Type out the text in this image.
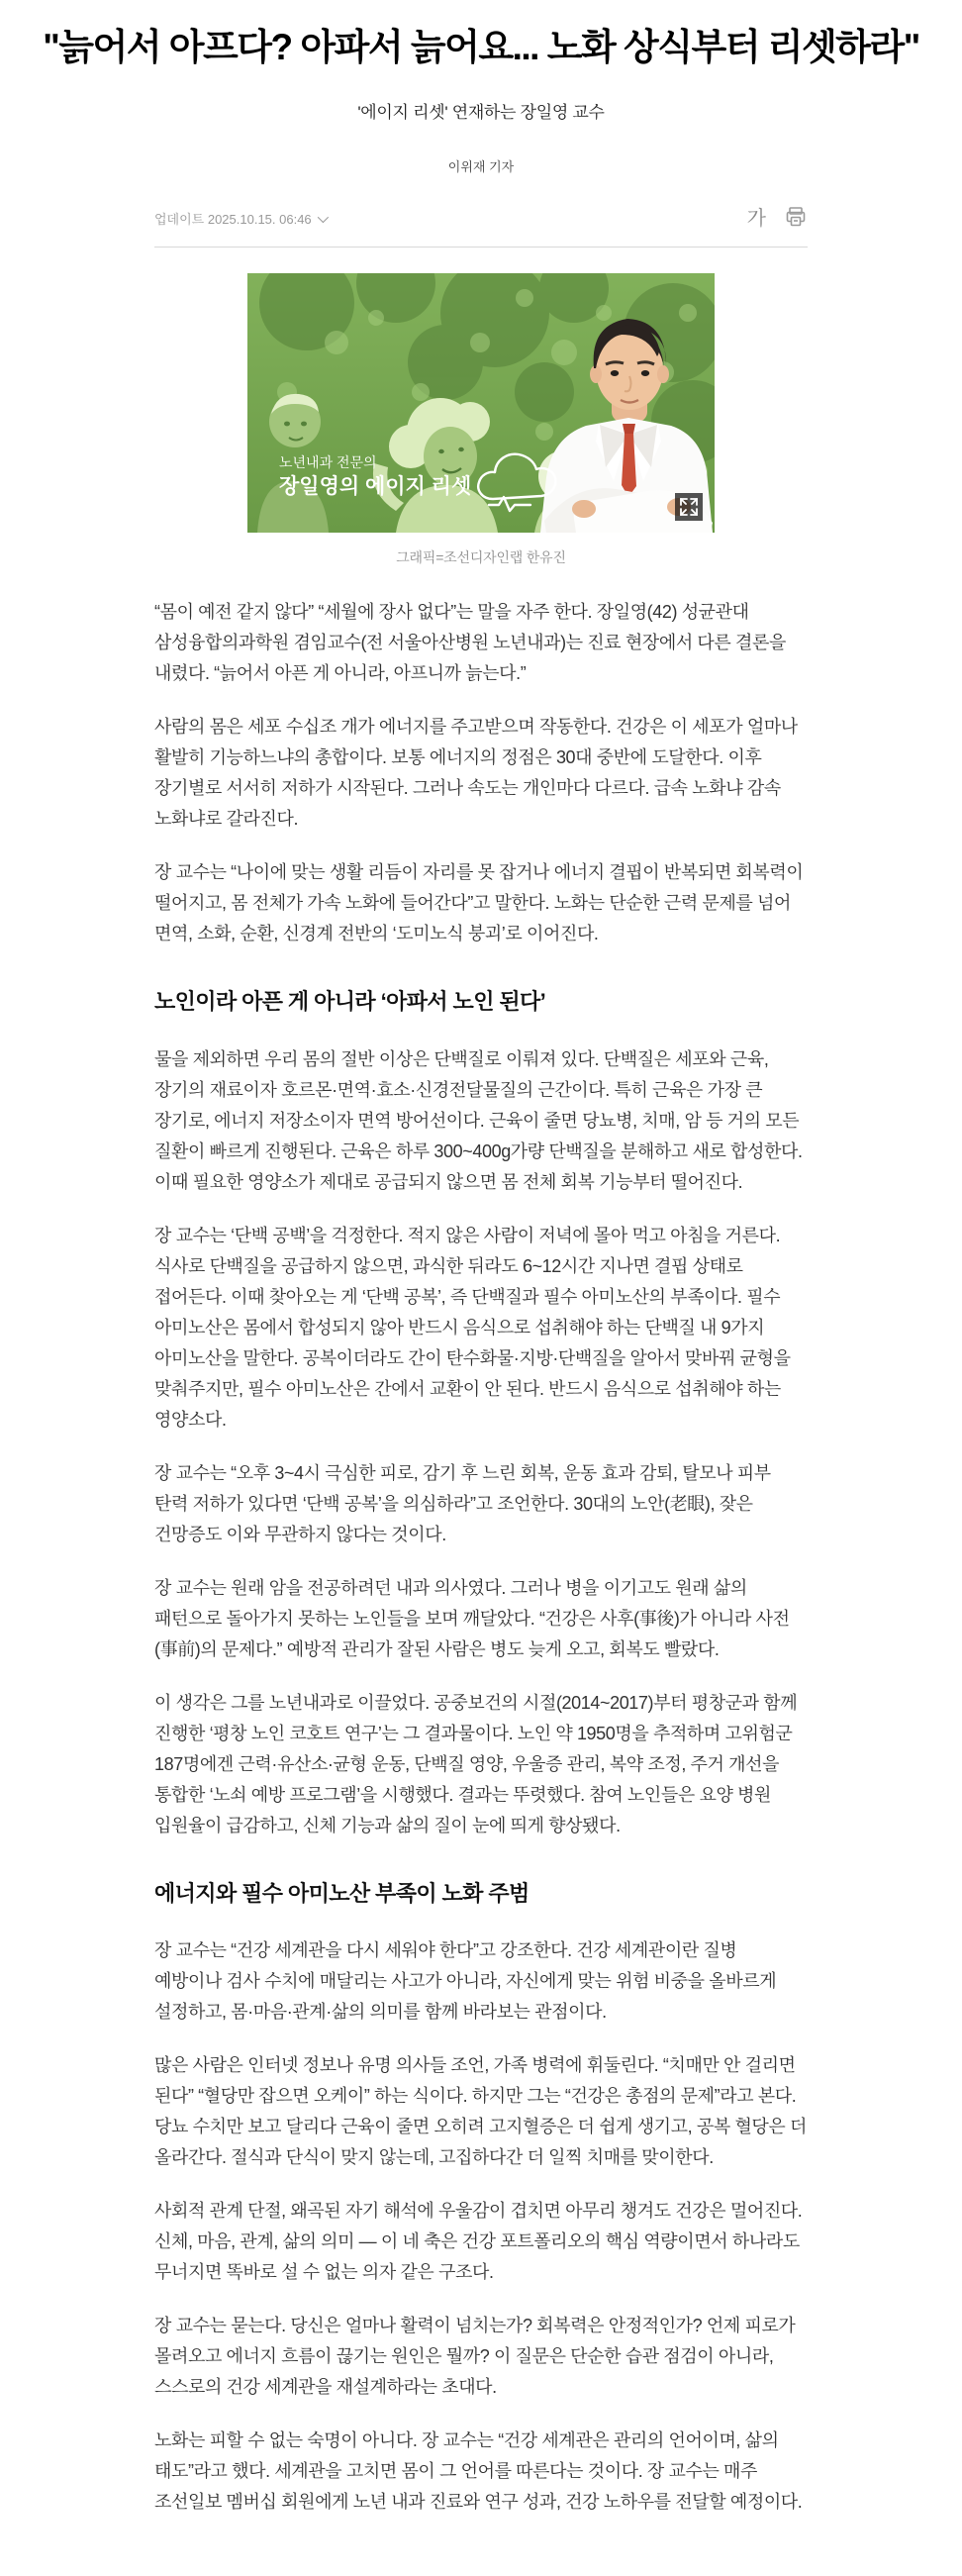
"늙어서 아프다? 아파서 늙어요... 노화 상식부터 리셋하라"

'에이지 리셋' 연재하는 장일영 교수

이위재 기자

업데이트 2025.10.15. 06:46	가
노년내과 전문의
장일영의 에이지 리셋

그래픽=조선디자인랩 한유진

“몸이 예전 같지 않다” “세월에 장사 없다”는 말을 자주 한다. 장일영(42) 성균관대 삼성융합의과학원 겸임교수(전 서울아산병원 노년내과)는 진료 현장에서 다른 결론을 내렸다. “늙어서 아픈 게 아니라, 아프니까 늙는다.”

사람의 몸은 세포 수십조 개가 에너지를 주고받으며 작동한다. 건강은 이 세포가 얼마나 활발히 기능하느냐의 총합이다. 보통 에너지의 정점은 30대 중반에 도달한다. 이후 장기별로 서서히 저하가 시작된다. 그러나 속도는 개인마다 다르다. 급속 노화냐 감속 노화냐로 갈라진다.

장 교수는 “나이에 맞는 생활 리듬이 자리를 못 잡거나 에너지 결핍이 반복되면 회복력이 떨어지고, 몸 전체가 가속 노화에 들어간다”고 말한다. 노화는 단순한 근력 문제를 넘어 면역, 소화, 순환, 신경계 전반의 ‘도미노식 붕괴’로 이어진다.

노인이라 아픈 게 아니라 ‘아파서 노인 된다’

물을 제외하면 우리 몸의 절반 이상은 단백질로 이뤄져 있다. 단백질은 세포와 근육, 장기의 재료이자 호르몬·면역·효소·신경전달물질의 근간이다. 특히 근육은 가장 큰 장기로, 에너지 저장소이자 면역 방어선이다. 근육이 줄면 당뇨병, 치매, 암 등 거의 모든 질환이 빠르게 진행된다. 근육은 하루 300~400g가량 단백질을 분해하고 새로 합성한다. 이때 필요한 영양소가 제대로 공급되지 않으면 몸 전체 회복 기능부터 떨어진다.

장 교수는 ‘단백 공백’을 걱정한다. 적지 않은 사람이 저녁에 몰아 먹고 아침을 거른다. 식사로 단백질을 공급하지 않으면, 과식한 뒤라도 6~12시간 지나면 결핍 상태로 접어든다. 이때 찾아오는 게 ‘단백 공복’, 즉 단백질과 필수 아미노산의 부족이다. 필수 아미노산은 몸에서 합성되지 않아 반드시 음식으로 섭취해야 하는 단백질 내 9가지 아미노산을 말한다. 공복이더라도 간이 탄수화물·지방·단백질을 알아서 맞바꿔 균형을 맞춰주지만, 필수 아미노산은 간에서 교환이 안 된다. 반드시 음식으로 섭취해야 하는 영양소다.

장 교수는 “오후 3~4시 극심한 피로, 감기 후 느린 회복, 운동 효과 감퇴, 탈모나 피부 탄력 저하가 있다면 ‘단백 공복’을 의심하라”고 조언한다. 30대의 노안(老眼), 잦은 건망증도 이와 무관하지 않다는 것이다.

장 교수는 원래 암을 전공하려던 내과 의사였다. 그러나 병을 이기고도 원래 삶의 패턴으로 돌아가지 못하는 노인들을 보며 깨달았다. “건강은 사후(事後)가 아니라 사전(事前)의 문제다.” 예방적 관리가 잘된 사람은 병도 늦게 오고, 회복도 빨랐다.

이 생각은 그를 노년내과로 이끌었다. 공중보건의 시절(2014~2017)부터 평창군과 함께 진행한 ‘평창 노인 코호트 연구’는 그 결과물이다. 노인 약 1950명을 추적하며 고위험군 187명에겐 근력·유산소·균형 운동, 단백질 영양, 우울증 관리, 복약 조정, 주거 개선을 통합한 ‘노쇠 예방 프로그램’을 시행했다. 결과는 뚜렷했다. 참여 노인들은 요양 병원 입원율이 급감하고, 신체 기능과 삶의 질이 눈에 띄게 향상됐다.

에너지와 필수 아미노산 부족이 노화 주범

장 교수는 “건강 세계관을 다시 세워야 한다”고 강조한다. 건강 세계관이란 질병 예방이나 검사 수치에 매달리는 사고가 아니라, 자신에게 맞는 위험 비중을 올바르게 설정하고, 몸·마음·관계·삶의 의미를 함께 바라보는 관점이다.

많은 사람은 인터넷 정보나 유명 의사들 조언, 가족 병력에 휘둘린다. “치매만 안 걸리면 된다” “혈당만 잡으면 오케이” 하는 식이다. 하지만 그는 “건강은 총점의 문제”라고 본다. 당뇨 수치만 보고 달리다 근육이 줄면 오히려 고지혈증은 더 쉽게 생기고, 공복 혈당은 더 올라간다. 절식과 단식이 맞지 않는데, 고집하다간 더 일찍 치매를 맞이한다.

사회적 관계 단절, 왜곡된 자기 해석에 우울감이 겹치면 아무리 챙겨도 건강은 멀어진다. 신체, 마음, 관계, 삶의 의미 — 이 네 축은 건강 포트폴리오의 핵심 역량이면서 하나라도 무너지면 똑바로 설 수 없는 의자 같은 구조다.

장 교수는 묻는다. 당신은 얼마나 활력이 넘치는가? 회복력은 안정적인가? 언제 피로가 몰려오고 에너지 흐름이 끊기는 원인은 뭘까? 이 질문은 단순한 습관 점검이 아니라, 스스로의 건강 세계관을 재설계하라는 초대다.

노화는 피할 수 없는 숙명이 아니다. 장 교수는 “건강 세계관은 관리의 언어이며, 삶의 태도”라고 했다. 세계관을 고치면 몸이 그 언어를 따른다는 것이다. 장 교수는 매주 조선일보 멤버십 회원에게 노년 내과 진료와 연구 성과, 건강 노하우를 전달할 예정이다.
